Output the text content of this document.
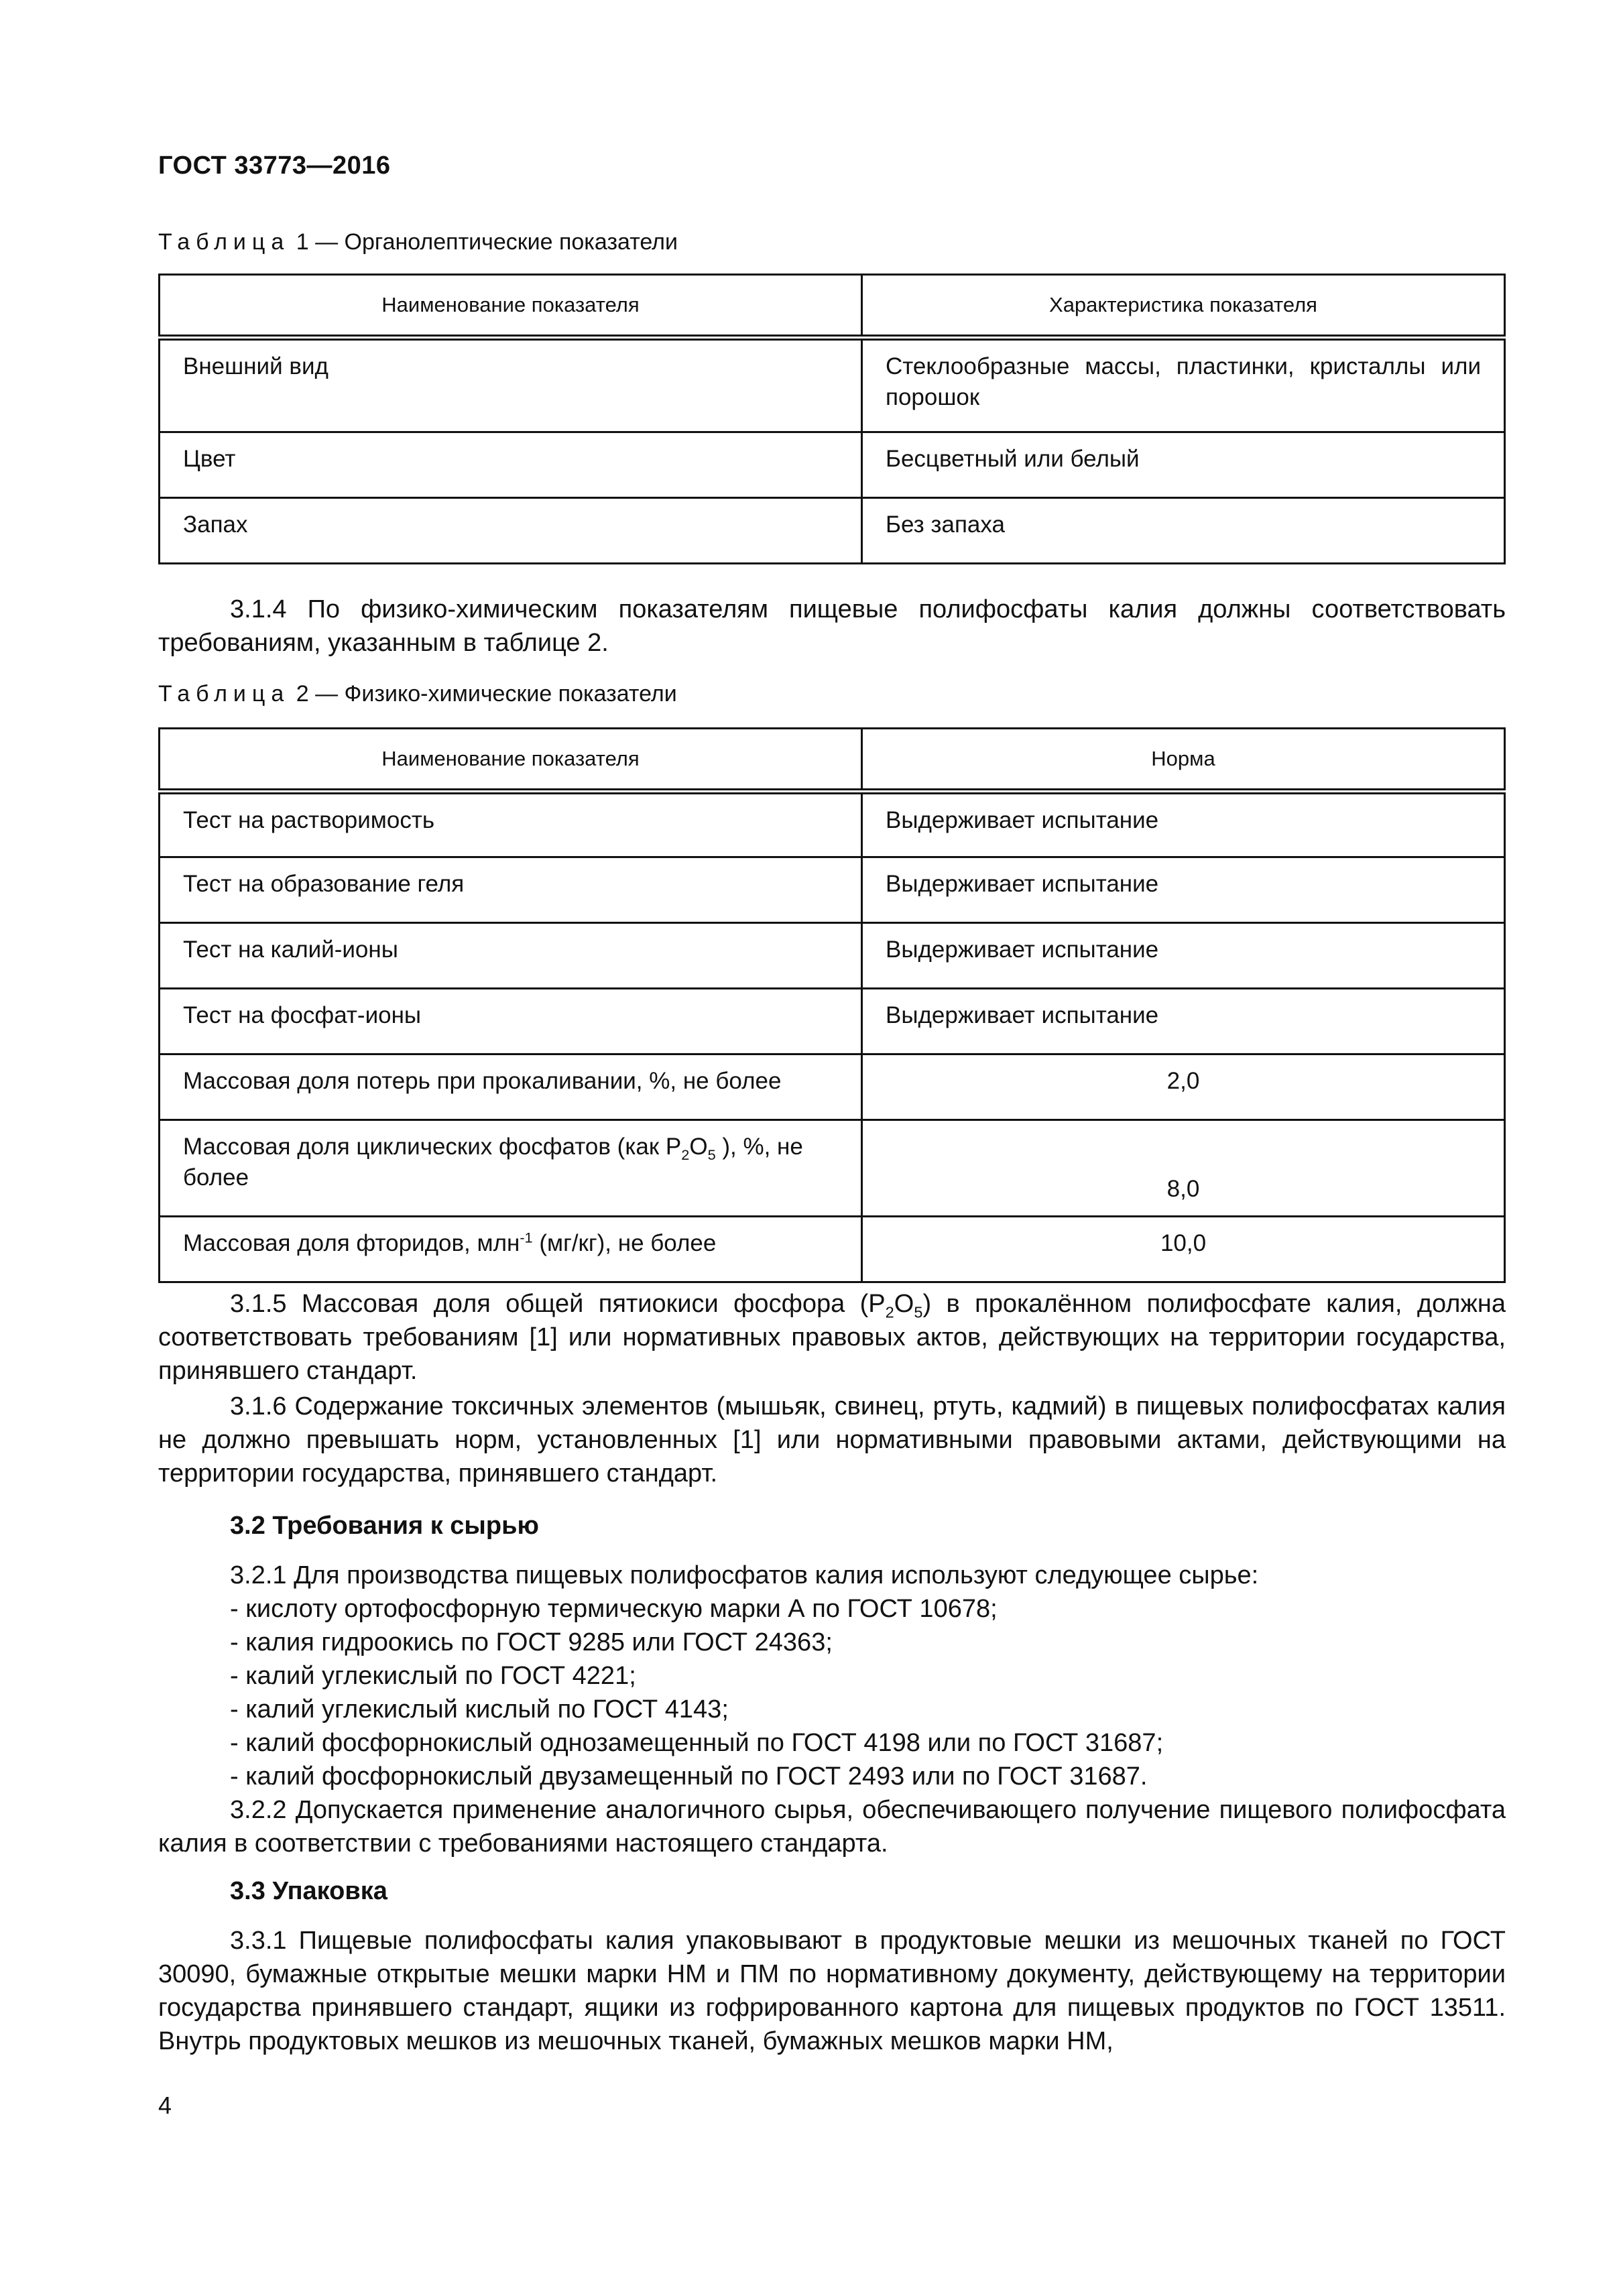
ГОСТ 33773—2016
Таблица 1 — Органолептические показатели
Наименование показателя	Характеристика показателя
Внешний вид	Стеклообразные массы, пластинки, кристаллы или порошок
Цвет	Бесцветный или белый
Запах	Без запаха
3.1.4 По физико-химическим показателям пищевые полифосфаты калия должны соответствовать требованиям, указанным в таблице 2.
Таблица 2 — Физико-химические показатели
Наименование показателя	Норма
Тест на растворимость	Выдерживает испытание
Тест на образование геля	Выдерживает испытание
Тест на калий-ионы	Выдерживает испытание
Тест на фосфат-ионы	Выдерживает испытание
Массовая доля потерь при прокаливании, %, не более	2,0
Массовая доля циклических фосфатов (как $P_2O_5$ ), %, не более	8,0
Массовая доля фторидов, млн$^{-1}$ (мг/кг), не более	10,0
3.1.5 Массовая доля общей пятиокиси фосфора $(P_2O_5)$ в прокалённом полифосфате калия, должна соответствовать требованиям [1] или нормативных правовых актов, действующих на территории государства, принявшего стандарт.
3.1.6 Содержание токсичных элементов (мышьяк, свинец, ртуть, кадмий) в пищевых полифосфатах калия не должно превышать норм, установленных [1] или нормативными правовыми актами, действующими на территории государства, принявшего стандарт.
3.2 Требования к сырью
3.2.1 Для производства пищевых полифосфатов калия используют следующее сырье:
- кислоту ортофосфорную термическую марки А по ГОСТ 10678;
- калия гидроокись по ГОСТ 9285 или ГОСТ 24363;
- калий углекислый по ГОСТ 4221;
- калий углекислый кислый по ГОСТ 4143;
- калий фосфорнокислый однозамещенный по ГОСТ 4198 или по ГОСТ 31687;
- калий фосфорнокислый двузамещенный по ГОСТ 2493 или по ГОСТ 31687.
3.2.2 Допускается применение аналогичного сырья, обеспечивающего получение пищевого полифосфата калия в соответствии с требованиями настоящего стандарта.
3.3 Упаковка
3.3.1 Пищевые полифосфаты калия упаковывают в продуктовые мешки из мешочных тканей по ГОСТ 30090, бумажные открытые мешки марки НМ и ПМ по нормативному документу, действующему на территории государства принявшего стандарт, ящики из гофрированного картона для пищевых продуктов по ГОСТ 13511. Внутрь продуктовых мешков из мешочных тканей, бумажных мешков марки НМ,
4
